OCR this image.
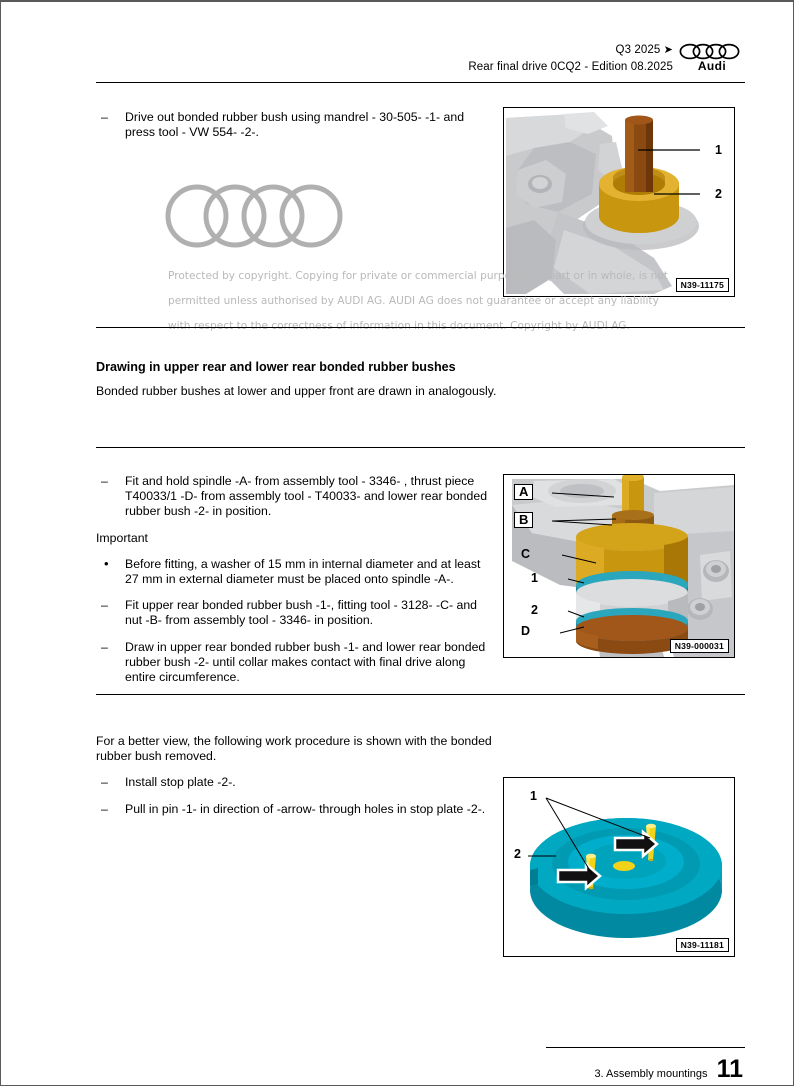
Q3 2025 ➤
Rear final drive 0CQ2 - Edition 08.2025	Audi
– Drive out bonded rubber bush using mandrel - 30-505- -1- and press tool - VW 554- -2-.
1
2
N39-11175
Protected by copyright. Copying for private or commercial purposes, in part or in whole, is not
permitted unless authorised by AUDI AG. AUDI AG does not guarantee or accept any liability
with respect to the correctness of information in this document. Copyright by AUDI AG.
Drawing in upper rear and lower rear bonded rubber bushes
Bonded rubber bushes at lower and upper front are drawn in analogously.
– Fit and hold spindle -A- from assembly tool - 3346- , thrust piece T40033/1 -D- from assembly tool - T40033- and lower rear bonded rubber bush -2- in position.
Important
• Before fitting, a washer of 15 mm in internal diameter and at least 27 mm in external diameter must be placed onto spindle -A-.
– Fit upper rear bonded rubber bush -1-, fitting tool - 3128- -C- and nut -B- from assembly tool - 3346- in position.
– Draw in upper rear bonded rubber bush -1- and lower rear bonded rubber bush -2- until collar makes contact with final drive along entire circumference.
A
B
C
1
2
D
N39-000031
For a better view, the following work procedure is shown with the bonded rubber bush removed.
– Install stop plate -2-.
– Pull in pin -1- in direction of -arrow- through holes in stop plate -2-.
1
2
N39-11181
3. Assembly mountings 11
